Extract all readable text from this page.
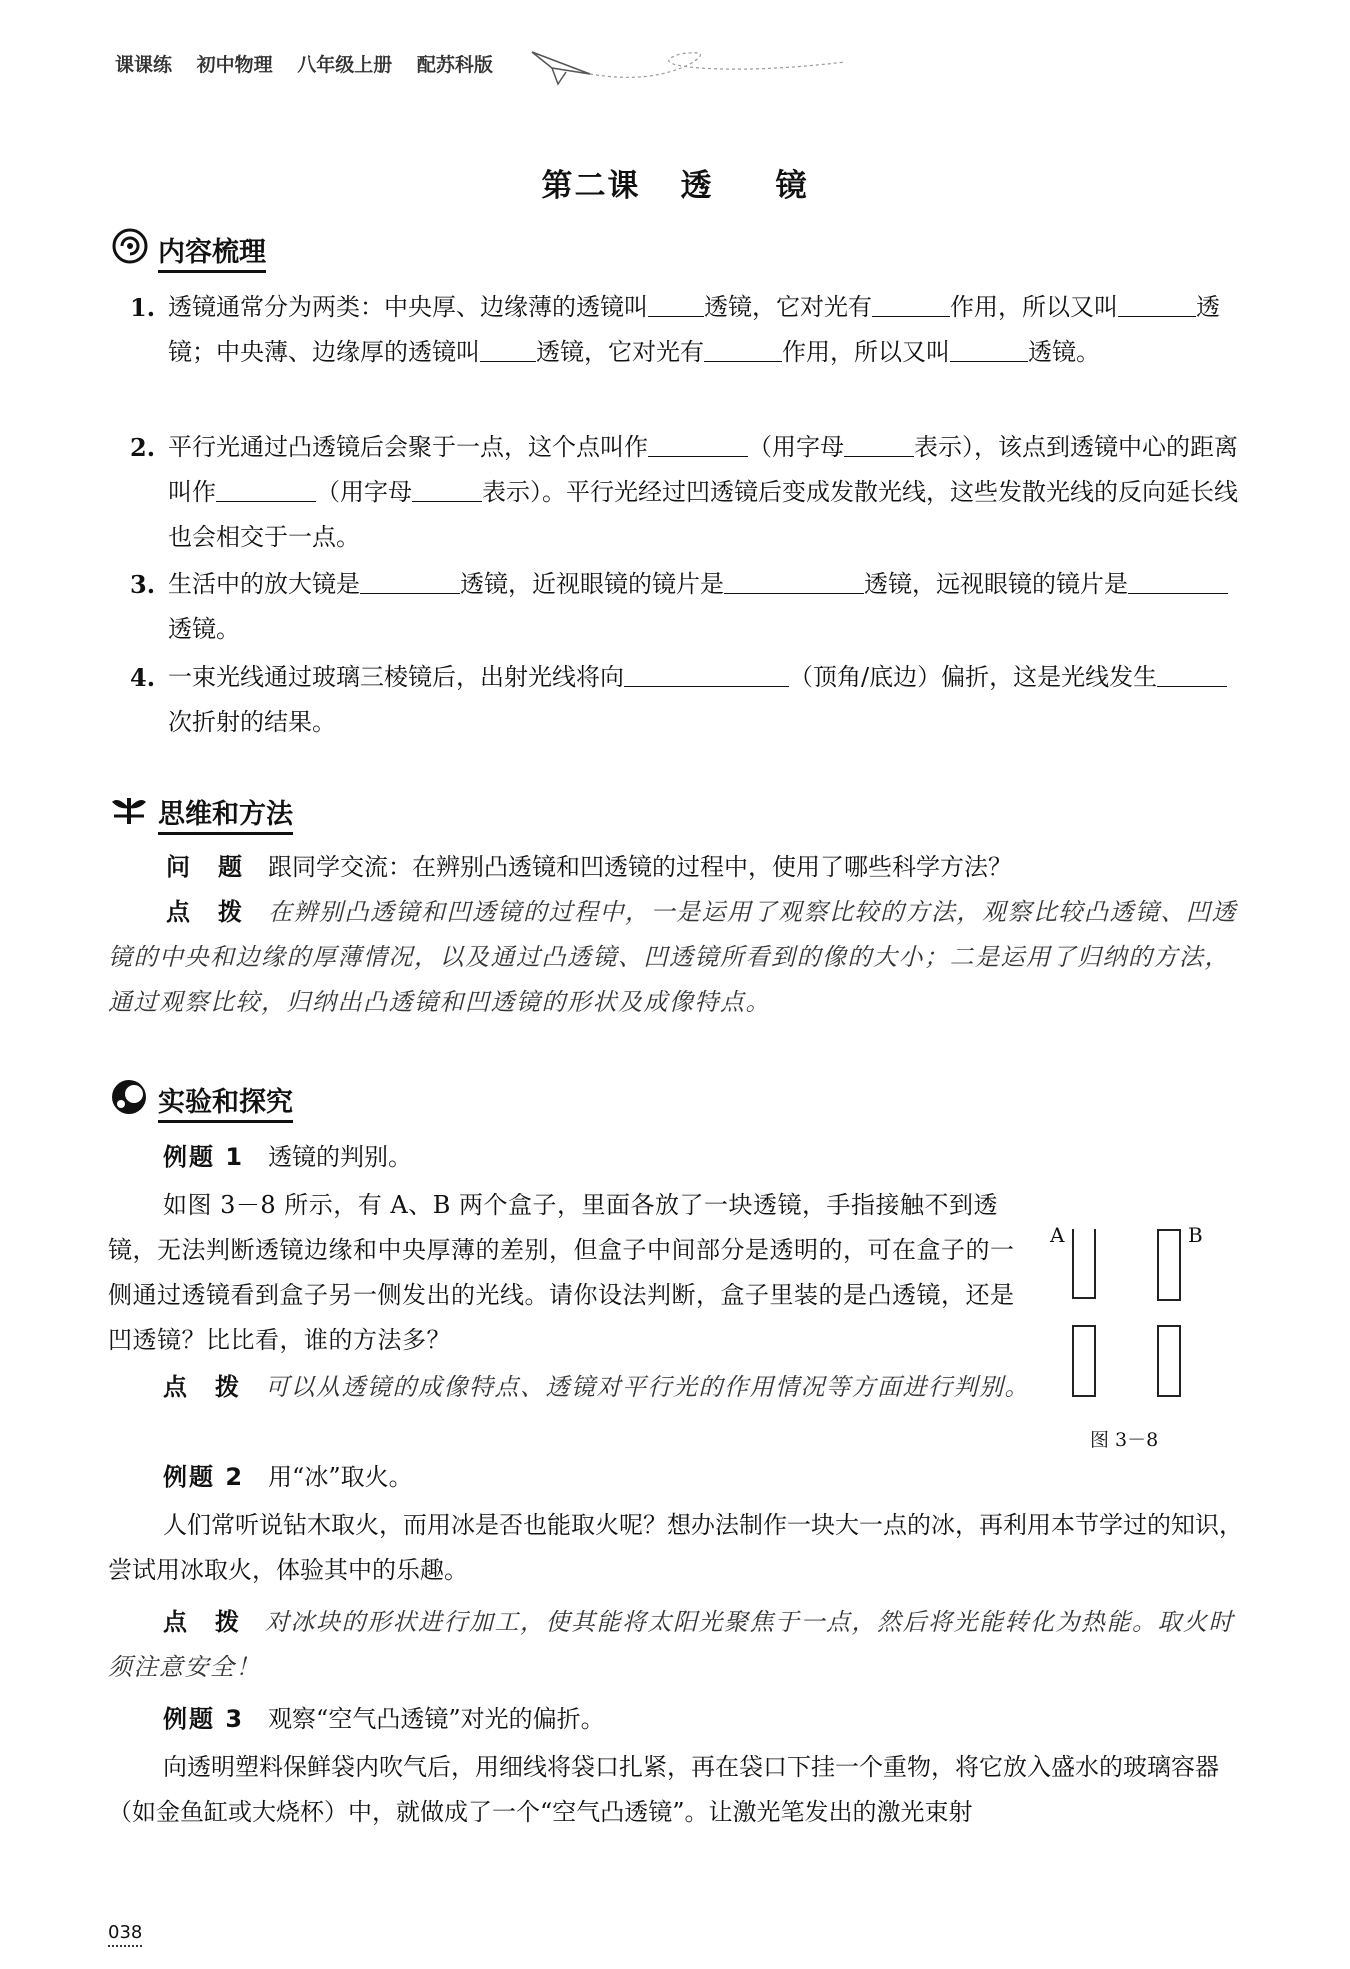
课课练 初中物理 八年级上册 配苏科版
第二课 透 镜
内容梳理
1. 透镜通常分为两类：中央厚、边缘薄的透镜叫 透镜，它对光有	作用，所以又叫	透镜；中央薄、边缘厚的透镜叫 透镜，它对光有	作用，所以又叫	透镜。
2. 平行光通过凸透镜后会聚于一点，这个点叫作	（用字母	表示），该点到透镜中心的距离叫作	（用字母	表示）。平行光经过凹透镜后变成发散光线，这些发散光线的反向延长线也会相交于一点。
3. 生活中的放大镜是	透镜，近视眼镜的镜片是	透镜，远视眼镜的镜片是透镜。
4. 一束光线通过玻璃三棱镜后，出射光线将向	（顶角/底边）偏折，这是光线发生次折射的结果。
思维和方法
问　题　 跟同学交流：在辨别凸透镜和凹透镜的过程中，使用了哪些科学方法？
点　拨　 在辨别凸透镜和凹透镜的过程中，一是运用了观察比较的方法，观察比较凸透镜、凹透镜的中央和边缘的厚薄情况，以及通过凸透镜、凹透镜所看到的像的大小；二是运用了归纳的方法，通过观察比较，归纳出凸透镜和凹透镜的形状及成像特点。
实验和探究
例题 1　 透镜的判别。
如图 3－8 所示，有 A、B 两个盒子，里面各放了一块透镜，手指接触不到透镜，无法判断透镜边缘和中央厚薄的差别，但盒子中间部分是透明的，可在盒子的一侧通过透镜看到盒子另一侧发出的光线。请你设法判断，盒子里装的是凸透镜，还是凹透镜？比比看，谁的方法多？
点　拨　 可以从透镜的成像特点、透镜对平行光的作用情况等方面进行判别。
A	B
图 3－8
例题 2　 用“冰”取火。
人们常听说钻木取火，而用冰是否也能取火呢？想办法制作一块大一点的冰，再利用本节学过的知识，尝试用冰取火，体验其中的乐趣。
点　拨　 对冰块的形状进行加工，使其能将太阳光聚焦于一点，然后将光能转化为热能。取火时须注意安全！
例题 3　 观察“空气凸透镜”对光的偏折。
向透明塑料保鲜袋内吹气后，用细线将袋口扎紧，再在袋口下挂一个重物，将它放入盛水的玻璃容器（如金鱼缸或大烧杯）中，就做成了一个“空气凸透镜”。让激光笔发出的激光束射
038
